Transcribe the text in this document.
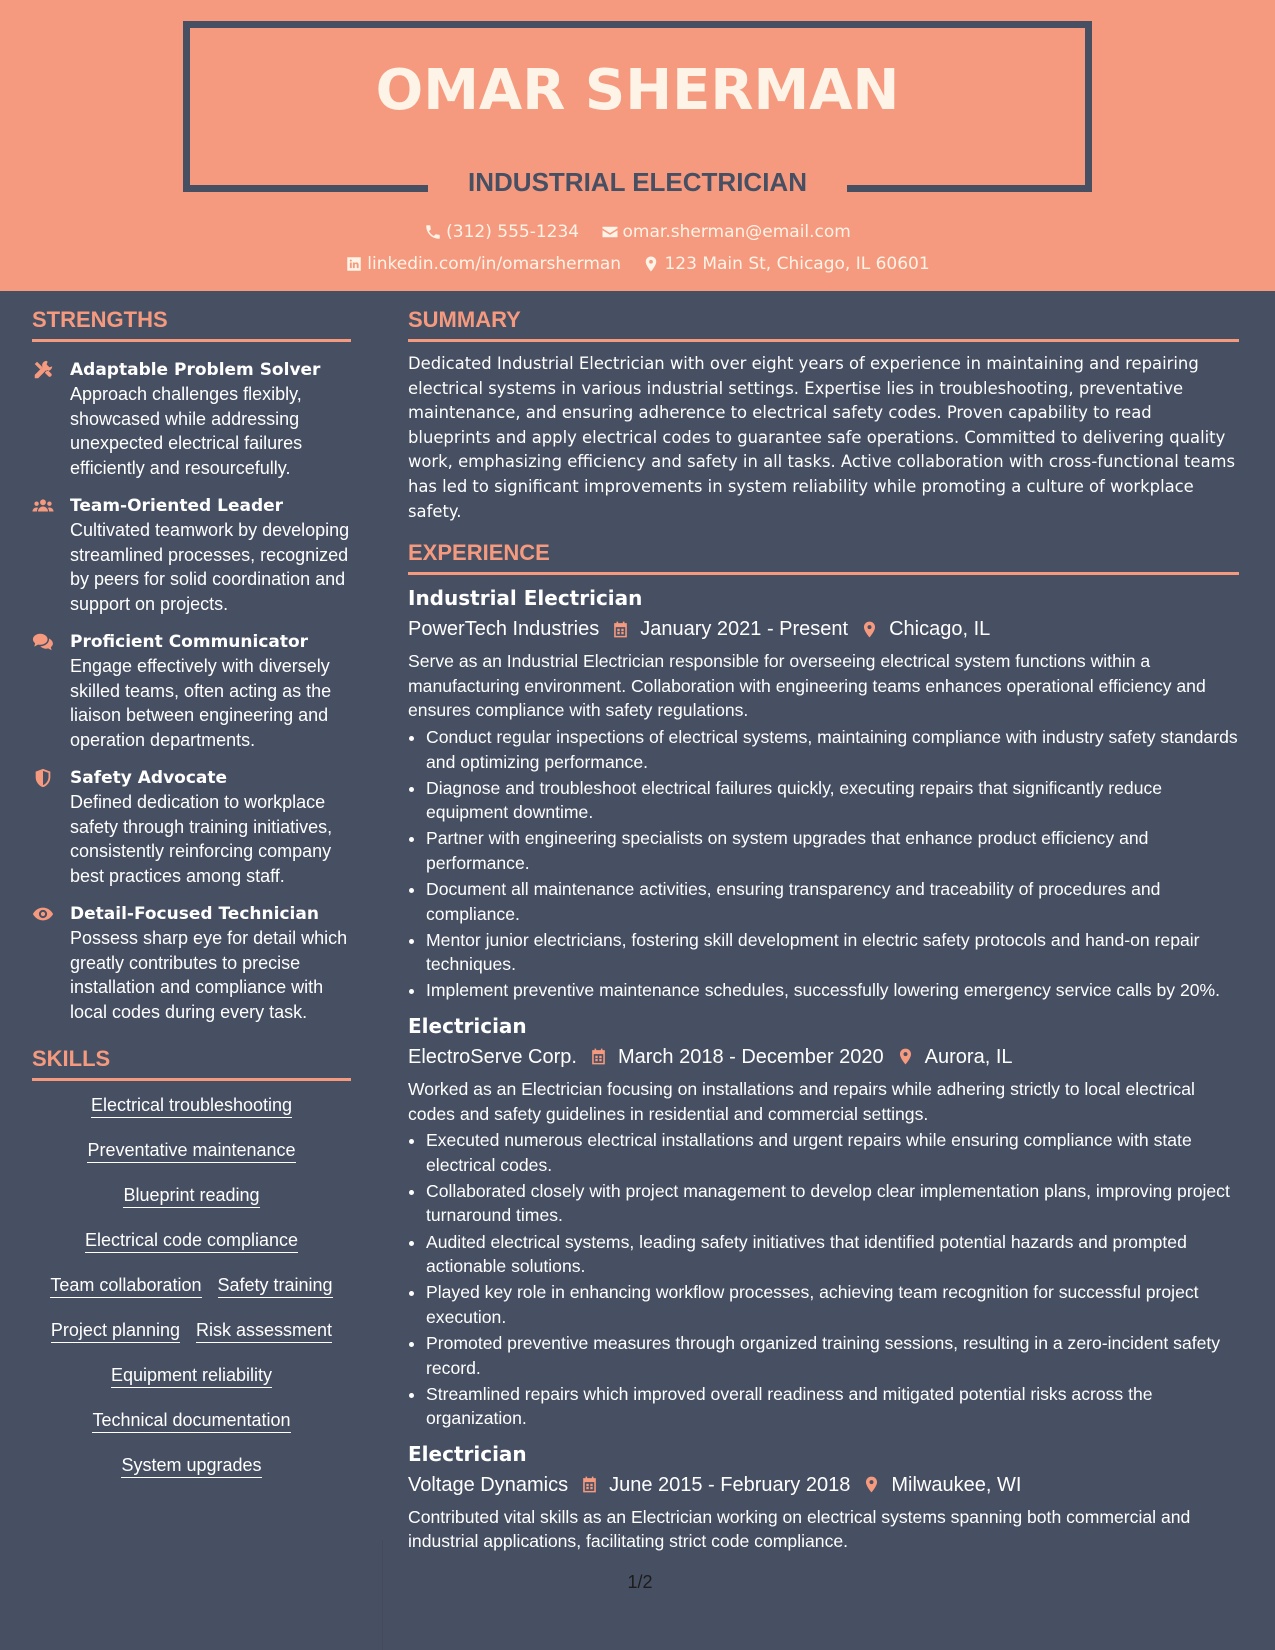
OMAR SHERMAN
INDUSTRIAL ELECTRICIAN
(312) 555-1234
	omar.sherman@email.com
linkedin.com/in/omarsherman
	123 Main St, Chicago, IL 60601
STRENGTHS
Adaptable Problem Solver
Approach challenges flexibly, showcased while addressing unexpected electrical failures efficiently and resourcefully.
Team-Oriented Leader
Cultivated teamwork by developing streamlined processes, recognized by peers for solid coordination and support on projects.
Proficient Communicator
Engage effectively with diversely skilled teams, often acting as the liaison between engineering and operation departments.
Safety Advocate
Defined dedication to workplace safety through training initiatives, consistently reinforcing company best practices among staff.
Detail-Focused Technician
Possess sharp eye for detail which greatly contributes to precise installation and compliance with local codes during every task.
SKILLS
Electrical troubleshooting
Preventative maintenance
Blueprint reading
Electrical code compliance
Team collaboration Safety training
Project planning Risk assessment
Equipment reliability
Technical documentation
System upgrades
SUMMARY
Dedicated Industrial Electrician with over eight years of experience in maintaining and repairing electrical systems in various industrial settings. Expertise lies in troubleshooting, preventative maintenance, and ensuring adherence to electrical safety codes. Proven capability to read blueprints and apply electrical codes to guarantee safe operations. Committed to delivering quality work, emphasizing efficiency and safety in all tasks. Active collaboration with cross-functional teams has led to significant improvements in system reliability while promoting a culture of workplace safety.
EXPERIENCE
Industrial Electrician
PowerTech Industries January 2021 - Present Chicago, IL
Serve as an Industrial Electrician responsible for overseeing electrical system functions within a manufacturing environment. Collaboration with engineering teams enhances operational efficiency and ensures compliance with safety regulations.
• Conduct regular inspections of electrical systems, maintaining compliance with industry safety standards and optimizing performance.
• Diagnose and troubleshoot electrical failures quickly, executing repairs that significantly reduce equipment downtime.
• Partner with engineering specialists on system upgrades that enhance product efficiency and performance.
• Document all maintenance activities, ensuring transparency and traceability of procedures and compliance.
• Mentor junior electricians, fostering skill development in electric safety protocols and hand-on repair techniques.
• Implement preventive maintenance schedules, successfully lowering emergency service calls by 20%.
Electrician
ElectroServe Corp. March 2018 - December 2020 Aurora, IL
Worked as an Electrician focusing on installations and repairs while adhering strictly to local electrical codes and safety guidelines in residential and commercial settings.
• Executed numerous electrical installations and urgent repairs while ensuring compliance with state electrical codes.
• Collaborated closely with project management to develop clear implementation plans, improving project turnaround times.
• Audited electrical systems, leading safety initiatives that identified potential hazards and prompted actionable solutions.
• Played key role in enhancing workflow processes, achieving team recognition for successful project execution.
• Promoted preventive measures through organized training sessions, resulting in a zero-incident safety record.
• Streamlined repairs which improved overall readiness and mitigated potential risks across the organization.
Electrician
Voltage Dynamics June 2015 - February 2018 Milwaukee, WI
Contributed vital skills as an Electrician working on electrical systems spanning both commercial and industrial applications, facilitating strict code compliance.
1/2
